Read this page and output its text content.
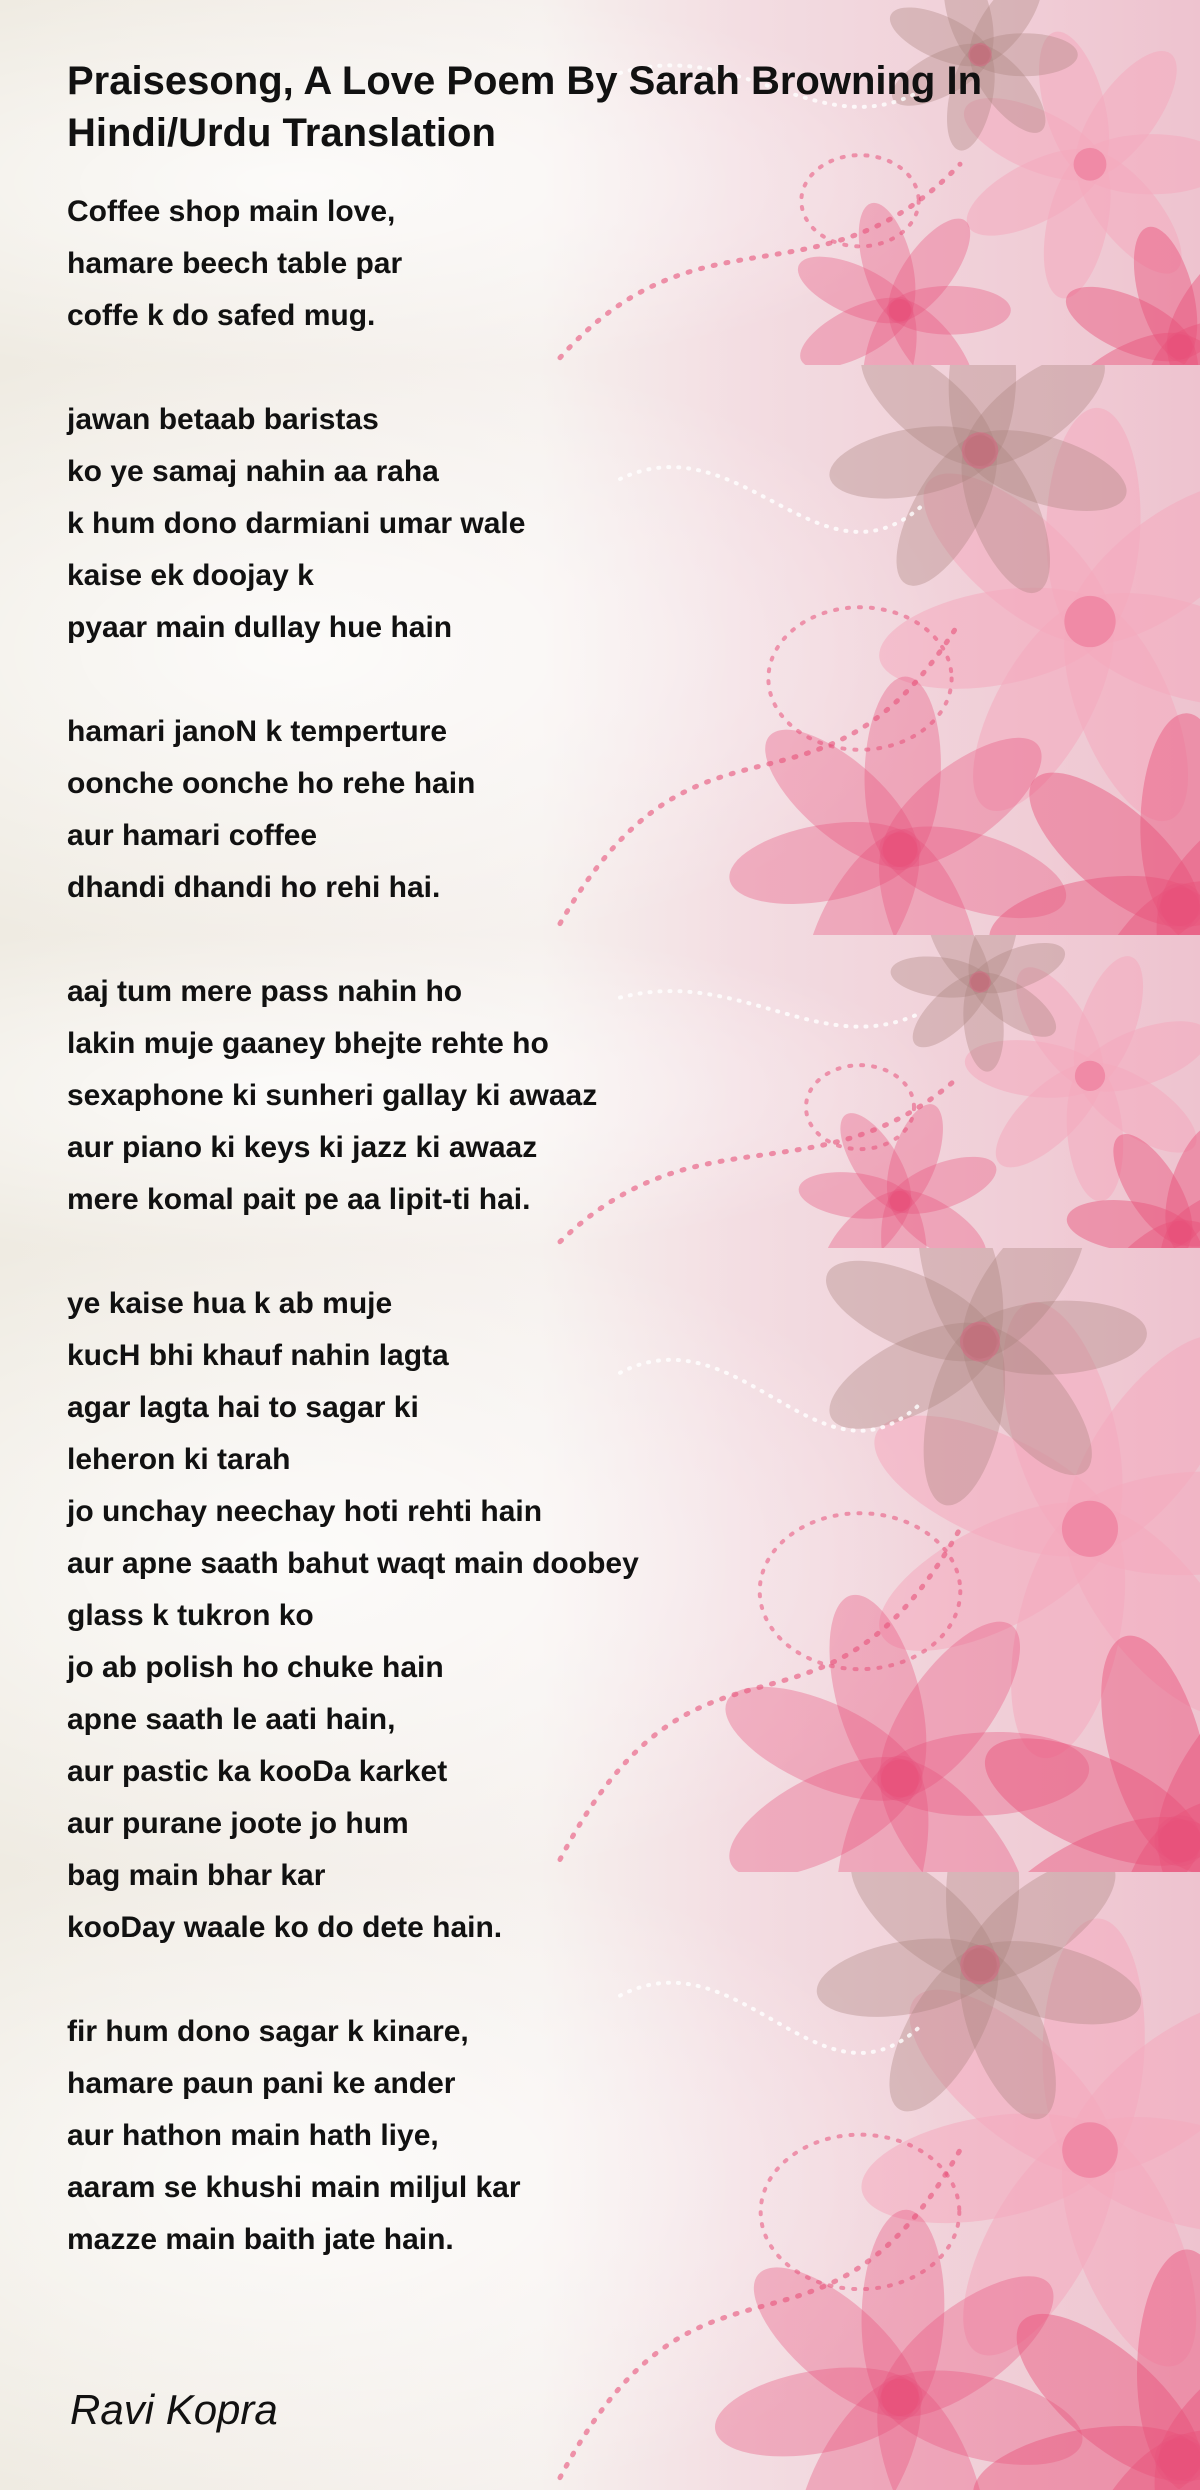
Praisesong, A Love Poem By Sarah Browning In Hindi/Urdu Translation

Coffee shop main love,

hamare beech table par

coffe k do safed mug.

jawan betaab baristas

ko ye samaj nahin aa raha

k hum dono darmiani umar wale

kaise ek doojay k

pyaar main dullay hue hain

hamari janoN k temperture

oonche oonche ho rehe hain

aur hamari coffee

dhandi dhandi ho rehi hai.

aaj tum mere pass nahin ho

lakin muje gaaney bhejte rehte ho

sexaphone ki sunheri gallay ki awaaz

aur piano ki keys ki jazz ki awaaz

mere komal pait pe aa lipit-ti hai.

ye kaise hua k ab muje

kucH bhi khauf nahin lagta

agar lagta hai to sagar ki

leheron ki tarah

jo unchay neechay hoti rehti hain

aur apne saath bahut waqt main doobey

glass k tukron ko

jo ab polish ho chuke hain

apne saath le aati hain,

aur pastic ka kooDa karket

aur purane joote jo hum

bag main bhar kar

kooDay waale ko do dete hain.

fir hum dono sagar k kinare,

hamare paun pani ke ander

aur hathon main hath liye,

aaram se khushi main miljul kar

mazze main baith jate hain.

Ravi Kopra
